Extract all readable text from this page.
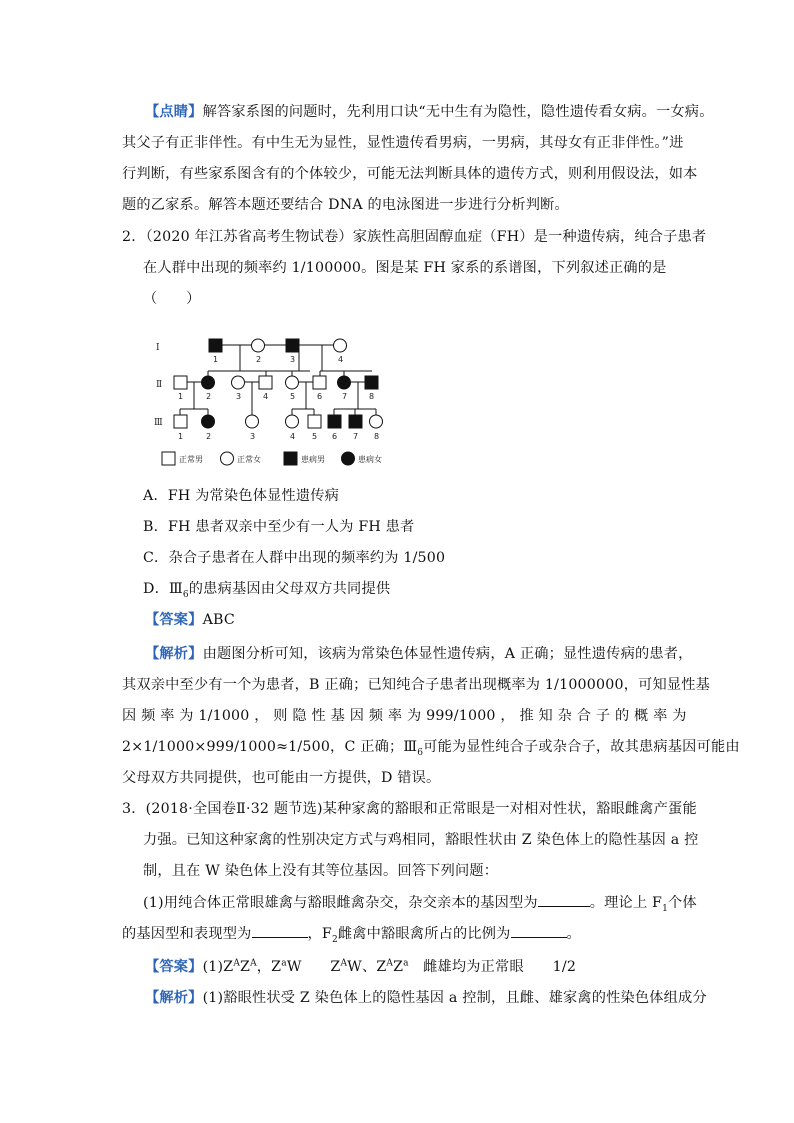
【 点睛 】 解答家系图的问题时，先利用口诀“无中生有为隐性，隐性遗传看女病。一女病。
其父子有正非伴性。有中生无为显性，显性遗传看男病，一男病，其母女有正非伴性。”进
行判断，有些家系图含有的个体较少，可能无法判断具体的遗传方式，则利用假设法，如本
题的乙家系。解答本题还要结合 DNA 的电泳图进一步进行分析判断。
2．（2020 年江苏省高考生物试卷）家族性高胆固醇血症（FH）是一种遗传病，纯合子患者
在人群中出现的频率约 1/100000。图是某 FH 家系的系谱图，下列叙述正确的是
（　　）
Ⅰ
Ⅱ
Ⅲ
1	2	3	4
1	2	3	4	5	6 7	8
1	2	3	4 5 6 7 8
正常男	正常女	患病男	患病女
A．FH 为常染色体显性遗传病
B．FH 患者双亲中至少有一人为 FH 患者
C．杂合子患者在人群中出现的频率约为 1/500
D．$Ⅲ_6$的患病基因由父母双方共同提供
【 答案 】 ABC
【 解析 】 由题图分析可知，该病为常染色体显性遗传病，A 正确；显性遗传病的患者，
其双亲中至少有一个为患者，B 正确；已知纯合子患者出现概率为 1/1000000，可知显性基
因 频 率 为 1/1000 ， 则 隐 性 基 因 频 率 为 999/1000 ， 推 知 杂 合 子 的 概 率 为
2×1/1000×999/1000≈1/500，C 正确；$Ⅲ_6$可能为显性纯合子或杂合子，故其患病基因可能由
父母双方共同提供，也可能由一方提供，D 错误。
3．(2018·全国卷Ⅱ·32 题节选)某种家禽的豁眼和正常眼是一对相对性状，豁眼雌禽产蛋能
力强。已知这种家禽的性别决定方式与鸡相同，豁眼性状由 Z 染色体上的隐性基因 a 控
制，且在 W 染色体上没有其等位基因。回答下列问题：
(1)用纯合体正常眼雄禽与豁眼雌禽杂交，杂交亲本的基因型为	。理论上 $F_1$个体
的基因型和表现型为	，$F_2$雌禽中豁眼禽所占的比例为	。
【 答案 】 $(1)Z^AZ^A$，$Z^aW$　　$Z^AW$、$Z^AZ^a$　雌雄均为正常眼　　1/2
【 解析 】 (1)豁眼性状受 Z 染色体上的隐性基因 a 控制，且雌、雄家禽的性染色体组成分
